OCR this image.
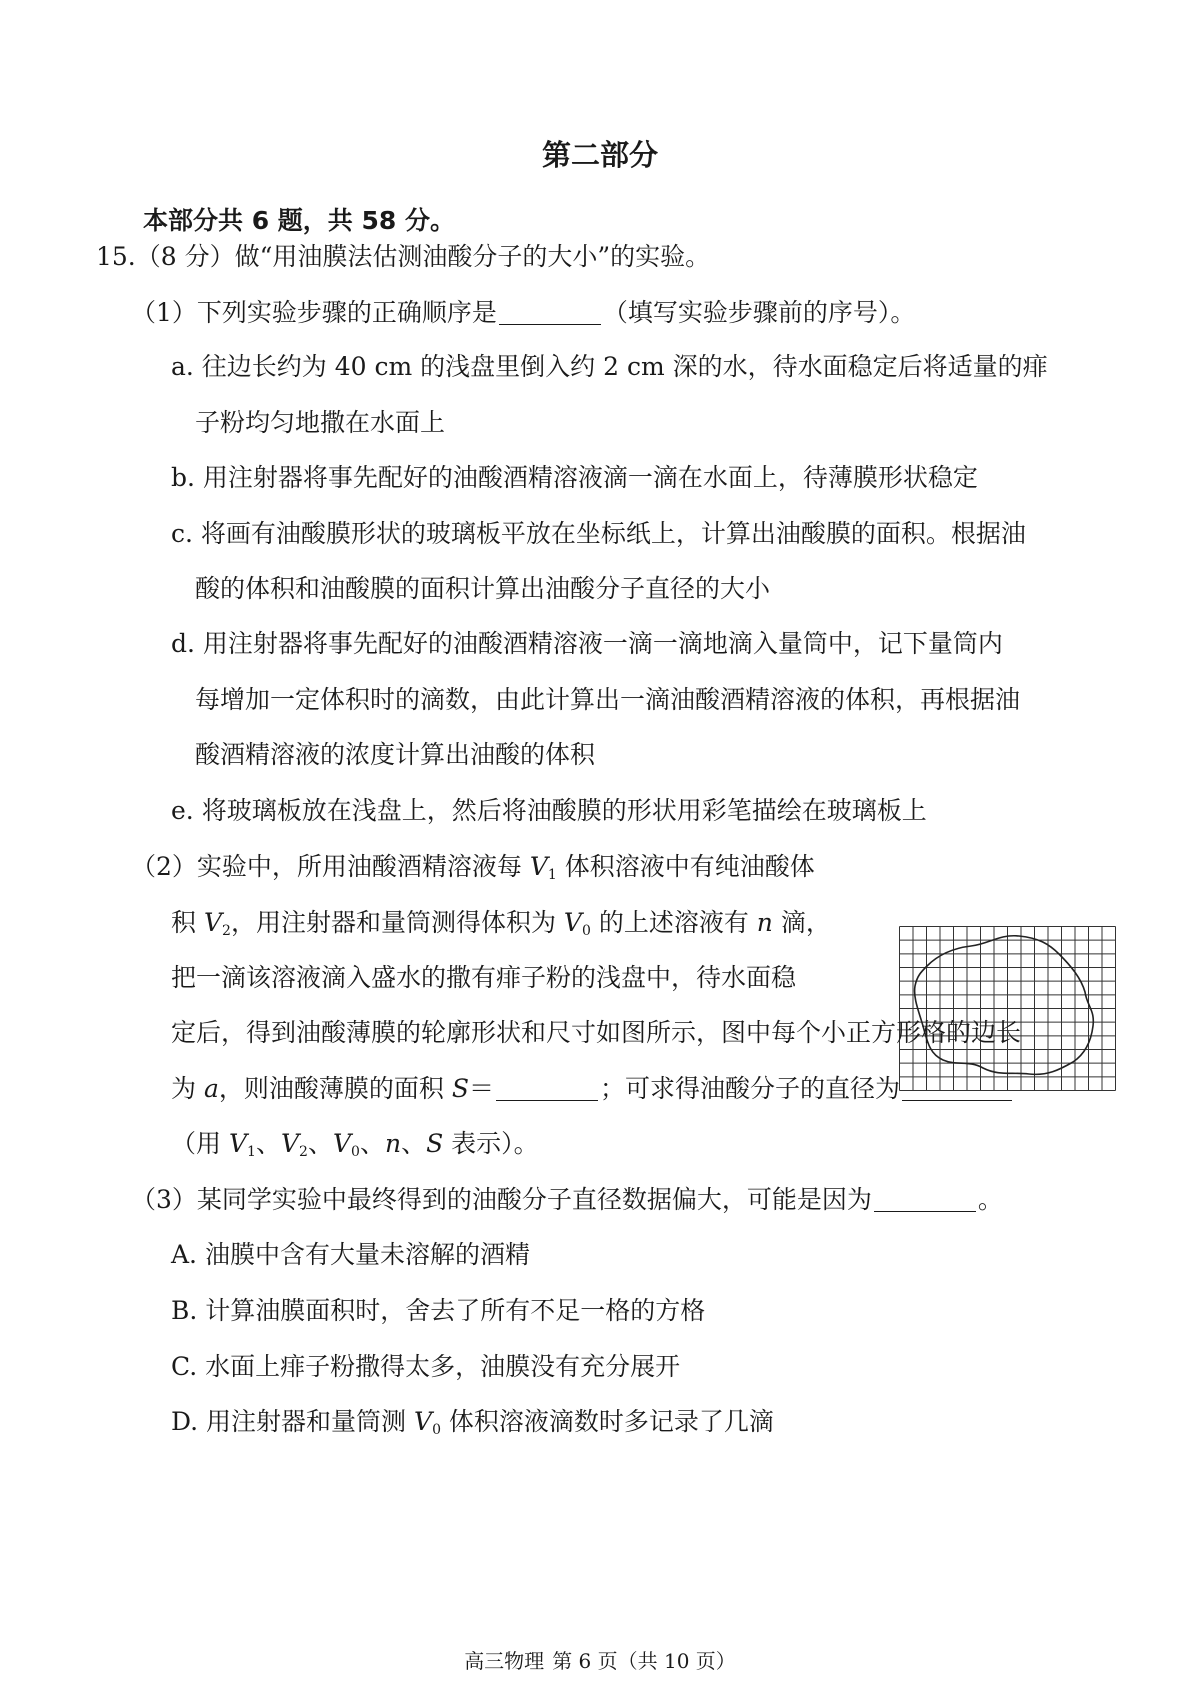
第二部分
本部分共 6 题，共 58 分。
15.（8 分）做“用油膜法估测油酸分子的大小”的实验。
（1）下列实验步骤的正确顺序是	（填写实验步骤前的序号）。
a. 往边长约为 40 cm 的浅盘里倒入约 2 cm 深的水，待水面稳定后将适量的痱
子粉均匀地撒在水面上
b. 用注射器将事先配好的油酸酒精溶液滴一滴在水面上，待薄膜形状稳定
c. 将画有油酸膜形状的玻璃板平放在坐标纸上，计算出油酸膜的面积。根据油
酸的体积和油酸膜的面积计算出油酸分子直径的大小
d. 用注射器将事先配好的油酸酒精溶液一滴一滴地滴入量筒中，记下量筒内
每增加一定体积时的滴数，由此计算出一滴油酸酒精溶液的体积，再根据油
酸酒精溶液的浓度计算出油酸的体积
e. 将玻璃板放在浅盘上，然后将油酸膜的形状用彩笔描绘在玻璃板上
（2）实验中，所用油酸酒精溶液每 $V_1$ 体积溶液中有纯油酸体
积 $V_2$，用注射器和量筒测得体积为 $V_0$ 的上述溶液有 n 滴，
把一滴该溶液滴入盛水的撒有痱子粉的浅盘中，待水面稳
定后，得到油酸薄膜的轮廓形状和尺寸如图所示，图中每个小正方形格的边长
为 a，则油酸薄膜的面积 S＝	；可求得油酸分子的直径为
（用 $V_1$、$V_2$、$V_0$、n、S 表示）。
（3）某同学实验中最终得到的油酸分子直径数据偏大，可能是因为	。
A. 油膜中含有大量未溶解的酒精
B. 计算油膜面积时，舍去了所有不足一格的方格
C. 水面上痱子粉撒得太多，油膜没有充分展开
D. 用注射器和量筒测 $V_0$ 体积溶液滴数时多记录了几滴
高三物理 第 6 页（共 10 页）
